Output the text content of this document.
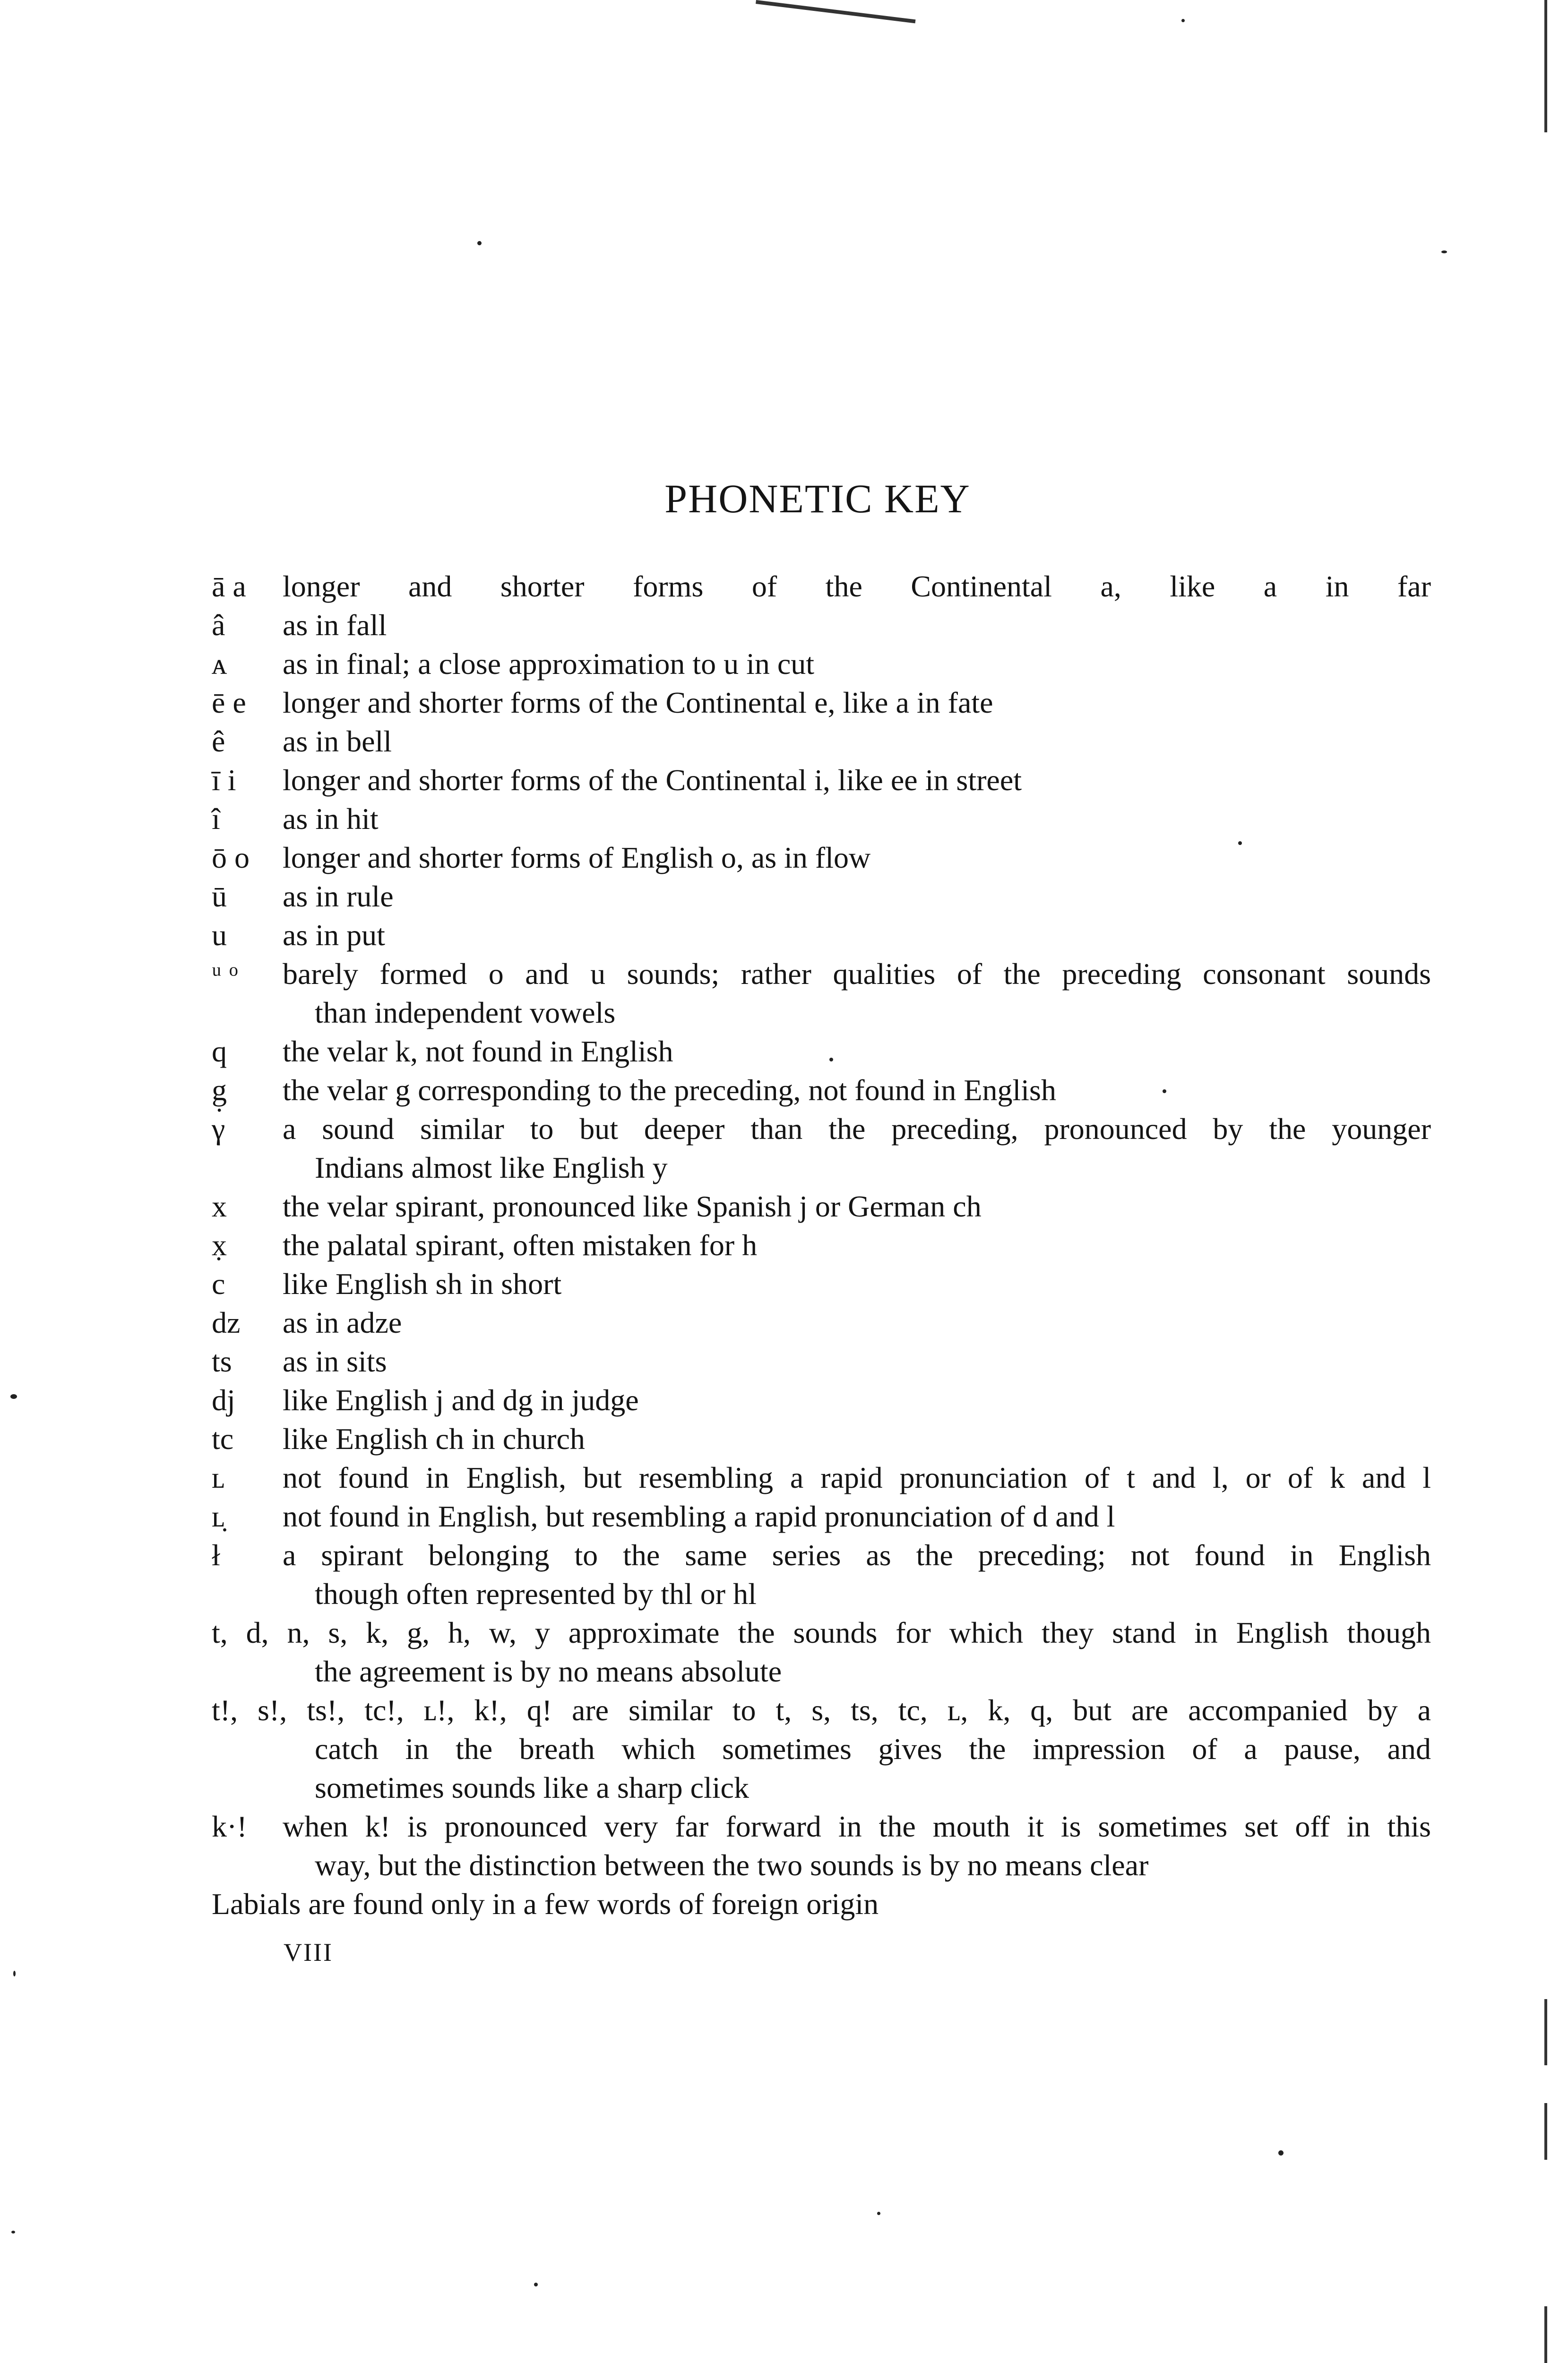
PHONETIC KEY
ā a longer and shorter forms of the Continental a, like a in far
â as in fall
ᴀ as in final; a close approximation to u in cut
ē e longer and shorter forms of the Continental e, like a in fate
ê as in bell
ī i longer and shorter forms of the Continental i, like ee in street
î as in hit
ō o longer and shorter forms of English o, as in flow
ū as in rule
u as in put
ᵘ ᵒ barely formed o and u sounds; rather qualities of the preceding consonant sounds
than independent vowels
q the velar k, not found in English
g̣ the velar g corresponding to the preceding, not found in English
γ a sound similar to but deeper than the preceding, pronounced by the younger
Indians almost like English y
x the velar spirant, pronounced like Spanish j or German ch
x̣ the palatal spirant, often mistaken for h
c like English sh in short
dz as in adze
ts as in sits
dj like English j and dg in judge
tc like English ch in church
ʟ not found in English, but resembling a rapid pronunciation of t and l, or of k and l
ʟ̣ not found in English, but resembling a rapid pronunciation of d and l
ł a spirant belonging to the same series as the preceding; not found in English
though often represented by thl or hl
t, d, n, s, k, g, h, w, y approximate the sounds for which they stand in English though
the agreement is by no means absolute
t!, s!, ts!, tc!, ʟ!, k!, q! are similar to t, s, ts, tc, ʟ, k, q, but are accompanied by a
catch in the breath which sometimes gives the impression of a pause, and
sometimes sounds like a sharp click
k·! when k! is pronounced very far forward in the mouth it is sometimes set off in this
way, but the distinction between the two sounds is by no means clear
Labials are found only in a few words of foreign origin
VIII
